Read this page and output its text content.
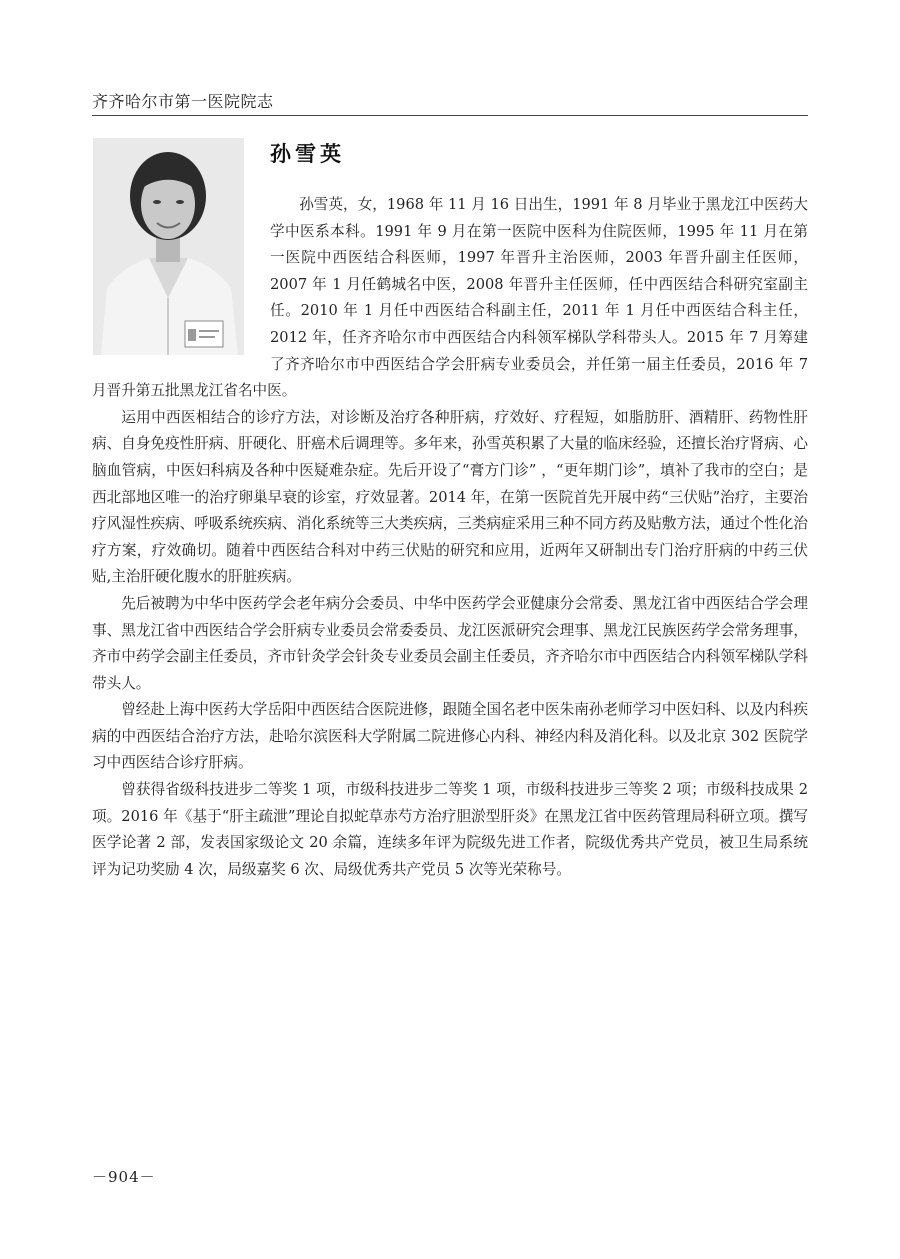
齐齐哈尔市第一医院院志
孙雪英

孙雪英，女，1968 年 11 月 16 日出生，1991 年 8 月毕业于黑龙江中医药大学中医系本科。1991 年 9 月在第一医院中医科为住院医师，1995 年 11 月在第一医院中西医结合科医师，1997 年晋升主治医师，2003 年晋升副主任医师，2007 年 1 月任鹤城名中医，2008 年晋升主任医师，任中西医结合科研究室副主任。2010 年 1 月任中西医结合科副主任，2011 年 1 月任中西医结合科主任，2012 年，任齐齐哈尔市中西医结合内科领军梯队学科带头人。2015 年 7 月筹建了齐齐哈尔市中西医结合学会肝病专业委员会，并任第一届主任委员，2016 年 7 月晋升第五批黑龙江省名中医。

运用中西医相结合的诊疗方法，对诊断及治疗各种肝病，疗效好、疗程短，如脂肪肝、酒精肝、药物性肝病、自身免疫性肝病、肝硬化、肝癌术后调理等。多年来，孙雪英积累了大量的临床经验，还擅长治疗肾病、心脑血管病，中医妇科病及各种中医疑难杂症。先后开设了“膏方门诊” ，“更年期门诊”，填补了我市的空白；是西北部地区唯一的治疗卵巢早衰的诊室，疗效显著。2014 年，在第一医院首先开展中药“三伏贴”治疗，主要治疗风湿性疾病、呼吸系统疾病、消化系统等三大类疾病，三类病症采用三种不同方药及贴敷方法，通过个性化治疗方案，疗效确切。随着中西医结合科对中药三伏贴的研究和应用，近两年又研制出专门治疗肝病的中药三伏贴,主治肝硬化腹水的肝脏疾病。

先后被聘为中华中医药学会老年病分会委员、中华中医药学会亚健康分会常委、黑龙江省中西医结合学会理事、黑龙江省中西医结合学会肝病专业委员会常委委员、龙江医派研究会理事、黑龙江民族医药学会常务理事，齐市中药学会副主任委员，齐市针灸学会针灸专业委员会副主任委员，齐齐哈尔市中西医结合内科领军梯队学科带头人。

曾经赴上海中医药大学岳阳中西医结合医院进修，跟随全国名老中医朱南孙老师学习中医妇科、以及内科疾病的中西医结合治疗方法，赴哈尔滨医科大学附属二院进修心内科、神经内科及消化科。以及北京 302 医院学习中西医结合诊疗肝病。

曾获得省级科技进步二等奖 1 项，市级科技进步二等奖 1 项，市级科技进步三等奖 2 项；市级科技成果 2 项。2016 年《基于“肝主疏泄”理论自拟蛇草赤芍方治疗胆淤型肝炎》在黑龙江省中医药管理局科研立项。撰写医学论著 2 部，发表国家级论文 20 余篇，连续多年评为院级先进工作者，院级优秀共产党员，被卫生局系统评为记功奖励 4 次，局级嘉奖 6 次、局级优秀共产党员 5 次等光荣称号。

－904－
